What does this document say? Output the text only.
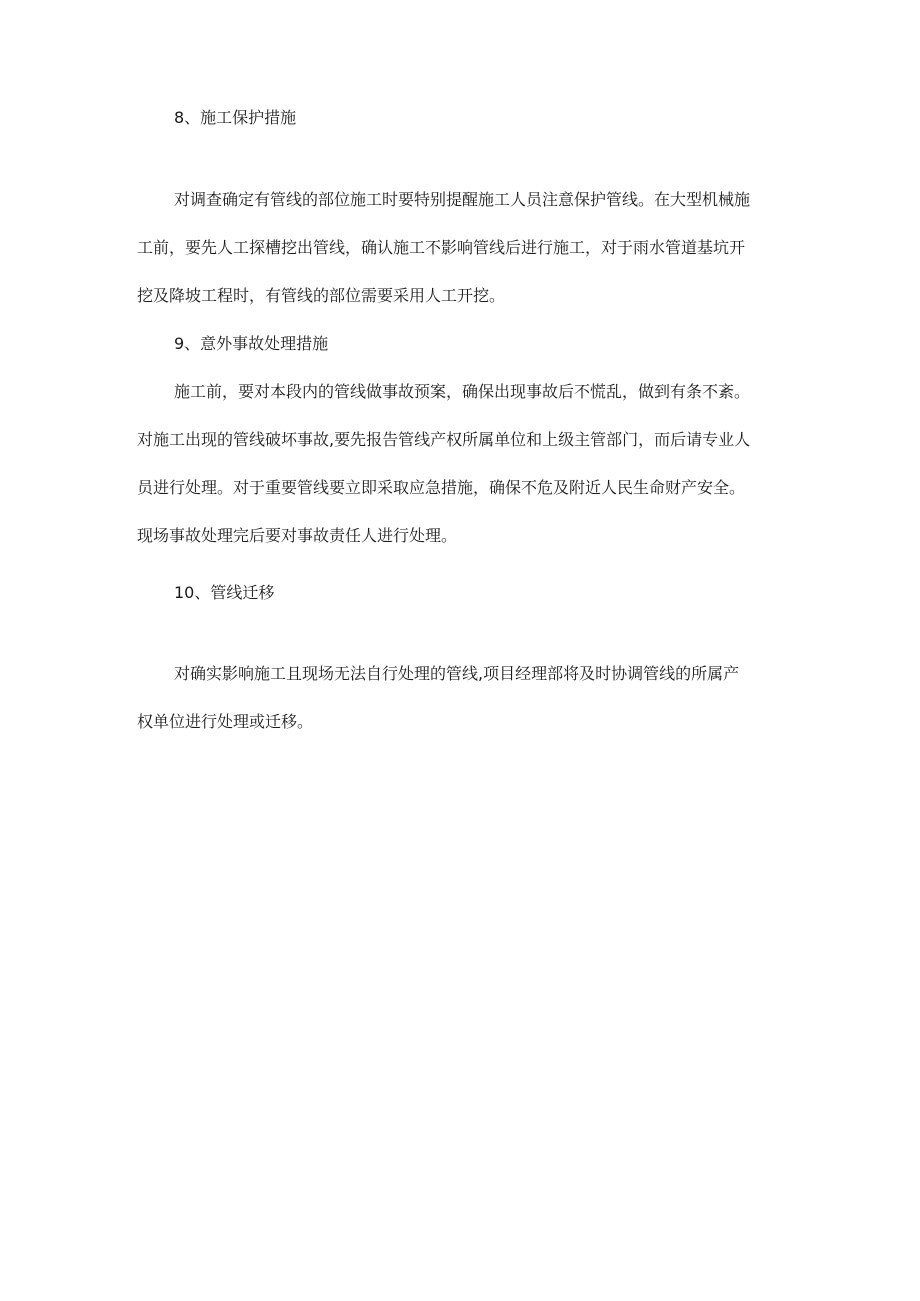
8、施工保护措施
对调查确定有管线的部位施工时要特别提醒施工人员注意保护管线。在大型机械施
工前，要先人工探槽挖出管线，确认施工不影响管线后进行施工，对于雨水管道基坑开
挖及降坡工程时，有管线的部位需要采用人工开挖。
9、意外事故处理措施
施工前，要对本段内的管线做事故预案，确保出现事故后不慌乱，做到有条不紊。
对施工出现的管线破坏事故,要先报告管线产权所属单位和上级主管部门，而后请专业人
员进行处理。对于重要管线要立即采取应急措施，确保不危及附近人民生命财产安全。
现场事故处理完后要对事故责任人进行处理。
10、管线迁移
对确实影响施工且现场无法自行处理的管线,项目经理部将及时协调管线的所属产
权单位进行处理或迁移。
